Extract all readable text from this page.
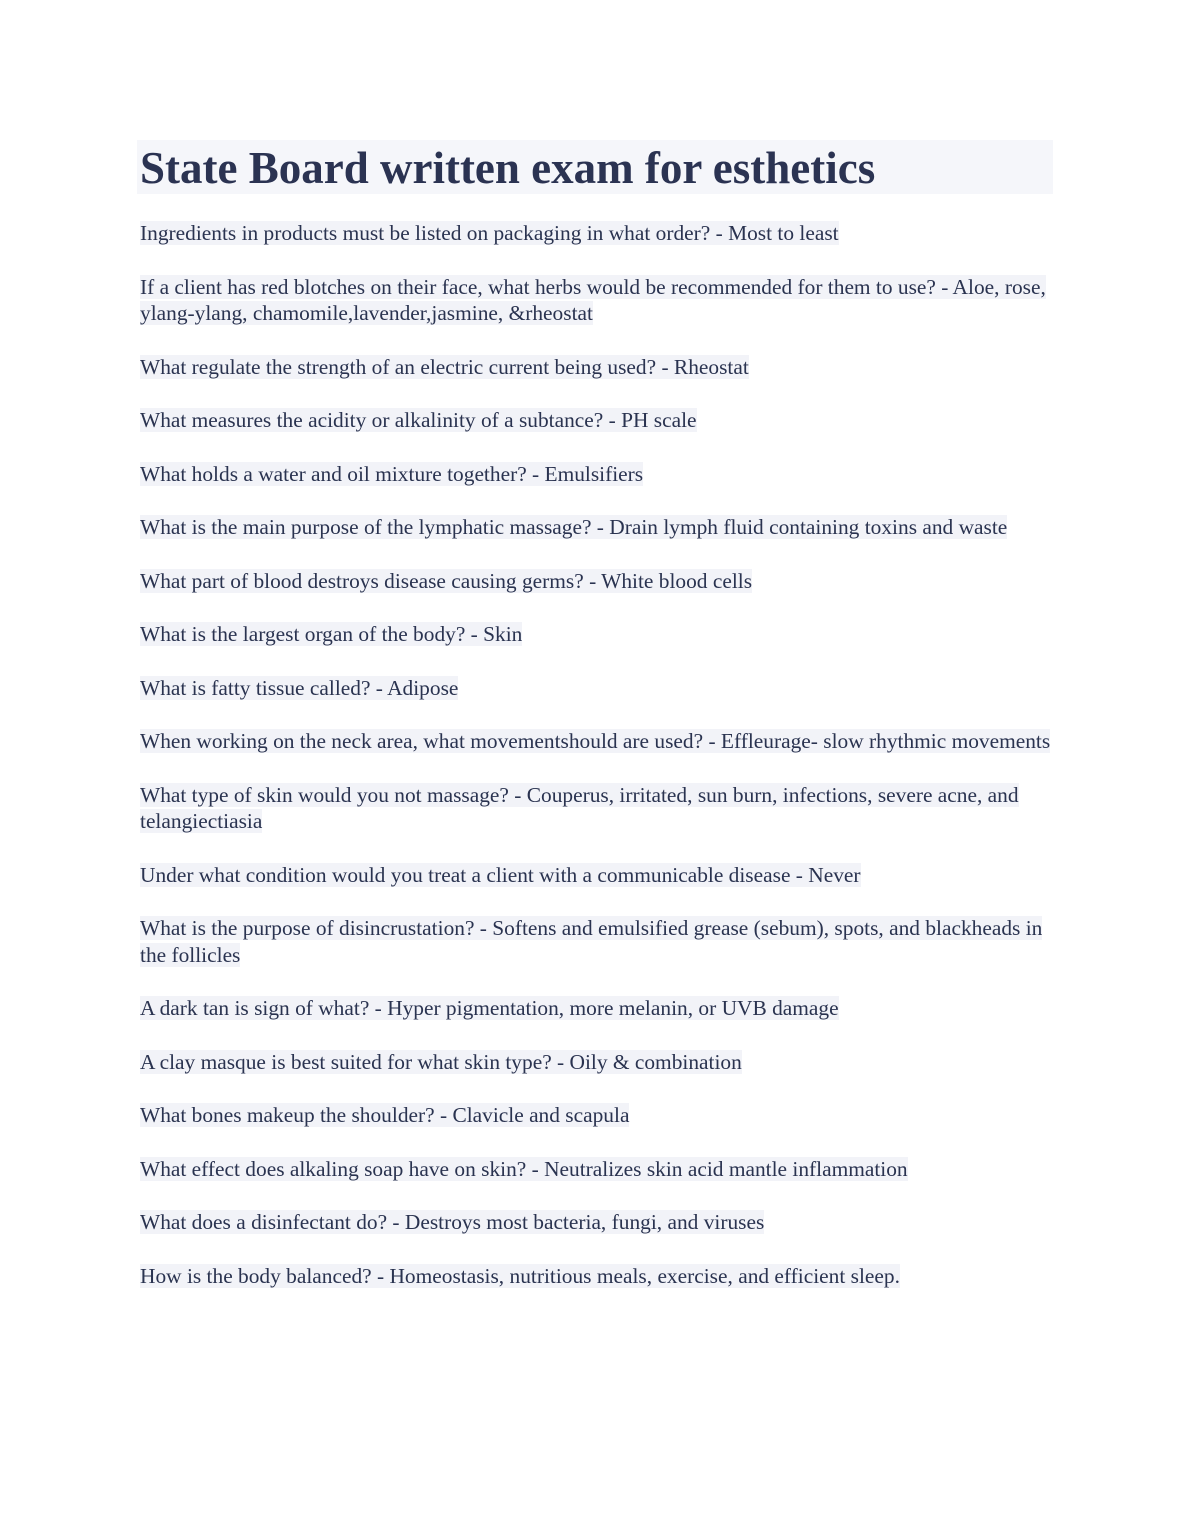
State Board written exam for esthetics
Ingredients in products must be listed on packaging in what order? - Most to least
If a client has red blotches on their face, what herbs would be recommended for them to use? - Aloe, rose, ylang-ylang, chamomile,lavender,jasmine, &rheostat
What regulate the strength of an electric current being used? - Rheostat
What measures the acidity or alkalinity of a subtance? - PH scale
What holds a water and oil mixture together? - Emulsifiers
What is the main purpose of the lymphatic massage? - Drain lymph fluid containing toxins and waste
What part of blood destroys disease causing germs? - White blood cells
What is the largest organ of the body? - Skin
What is fatty tissue called? - Adipose
When working on the neck area, what movementshould are used? - Effleurage- slow rhythmic movements
What type of skin would you not massage? - Couperus, irritated, sun burn, infections, severe acne, and telangiectiasia
Under what condition would you treat a client with a communicable disease - Never
What is the purpose of disincrustation? - Softens and emulsified grease (sebum), spots, and blackheads in the follicles
A dark tan is sign of what? - Hyper pigmentation, more melanin, or UVB damage
A clay masque is best suited for what skin type? - Oily & combination
What bones makeup the shoulder? - Clavicle and scapula
What effect does alkaling soap have on skin? - Neutralizes skin acid mantle inflammation
What does a disinfectant do? - Destroys most bacteria, fungi, and viruses
How is the body balanced? - Homeostasis, nutritious meals, exercise, and efficient sleep.
